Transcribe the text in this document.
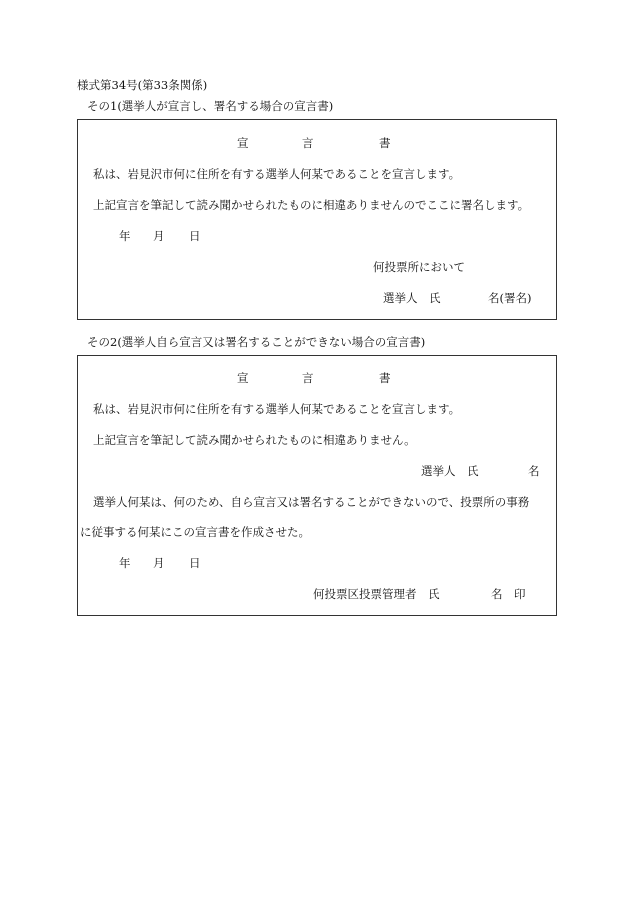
様式第34号(第33条関係)
その1(選挙人が宣言し、署名する場合の宣言書)
宣	言	書
私は、岩見沢市何に住所を有する選挙人何某であることを宣言します。
上記宣言を筆記して読み聞かせられたものに相違ありませんのでここに署名します。
年 月 日
何投票所において
選挙人　氏	名(署名)
その2(選挙人自ら宣言又は署名することができない場合の宣言書)
宣	言	書
私は、岩見沢市何に住所を有する選挙人何某であることを宣言します。
上記宣言を筆記して読み聞かせられたものに相違ありません。
選挙人　氏	名
選挙人何某は、何のため、自ら宣言又は署名することができないので、投票所の事務
に従事する何某にこの宣言書を作成させた。
年 月 日
何投票区投票管理者　氏	名　印
